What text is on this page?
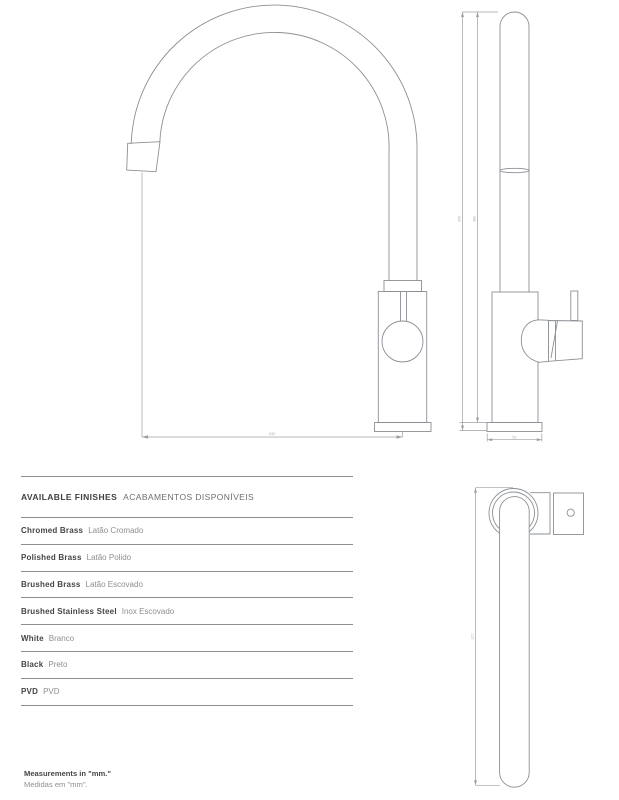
242
390	380
50
277
AVAILABLE FINISHES ACABAMENTOS DISPONÍVEIS
Chromed Brass Latão Cromado
Polished Brass Latão Polido
Brushed Brass Latão Escovado
Brushed Stainless Steel Inox Escovado
White Branco
Black Preto
PVD PVD
Measurements in "mm."
Medidas em "mm".
